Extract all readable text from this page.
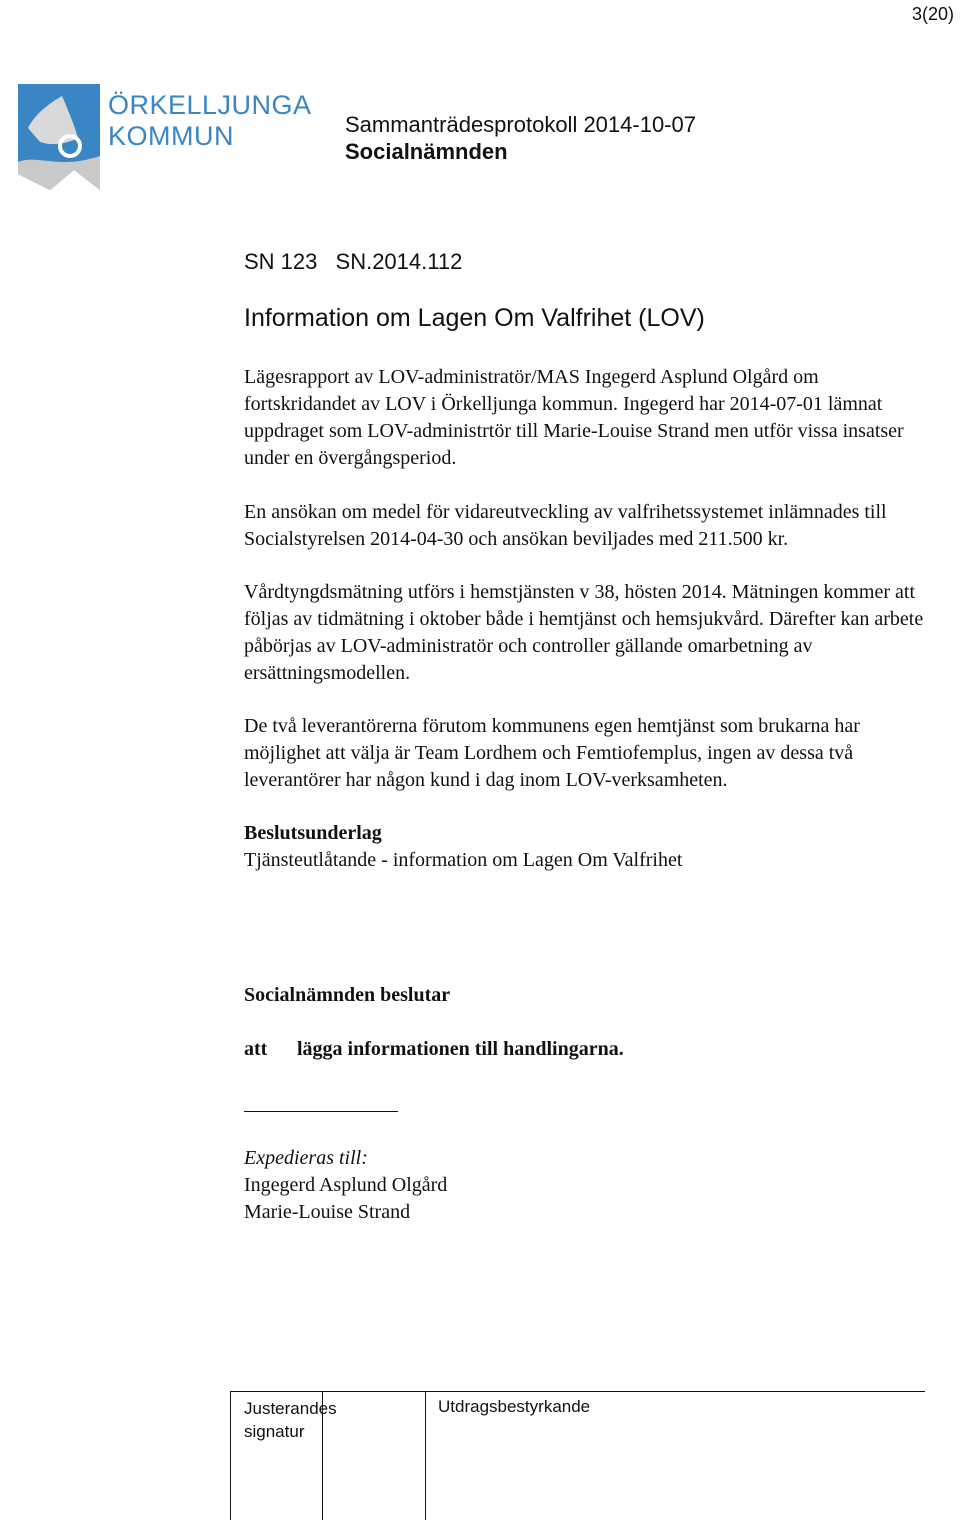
3(20)
ÖRKELLJUNGA
KOMMUN	Sammanträdesprotokoll 2014-10-07
Socialnämnden
SN 123 SN.2014.112
Information om Lagen Om Valfrihet (LOV)

Lägesrapport av LOV-administratör/MAS Ingegerd Asplund Olgård om fortskridandet av LOV i Örkelljunga kommun. Ingegerd har 2014-07-01 lämnat uppdraget som LOV-administrtör till Marie-Louise Strand men utför vissa insatser under en övergångsperiod.

En ansökan om medel för vidareutveckling av valfrihetssystemet inlämnades till Socialstyrelsen 2014-04-30 och ansökan beviljades med 211.500 kr.

Vårdtyngdsmätning utförs i hemstjänsten v 38, hösten 2014. Mätningen kommer att följas av tidmätning i oktober både i hemtjänst och hemsjukvård. Därefter kan arbete påbörjas av LOV-administratör och controller gällande omarbetning av ersättningsmodellen.

De två leverantörerna förutom kommunens egen hemtjänst som brukarna har möjlighet att välja är Team Lordhem och Femtiofemplus, ingen av dessa två leverantörer har någon kund i dag inom LOV-verksamheten.

Beslutsunderlag

Tjänsteutlåtande - information om Lagen Om Valfrihet

Socialnämnden beslutar
att lägga informationen till handlingarna.
Expedieras till:
Ingegerd Asplund Olgård
Marie-Louise Strand
Justerandes
signatur
Utdragsbestyrkande
